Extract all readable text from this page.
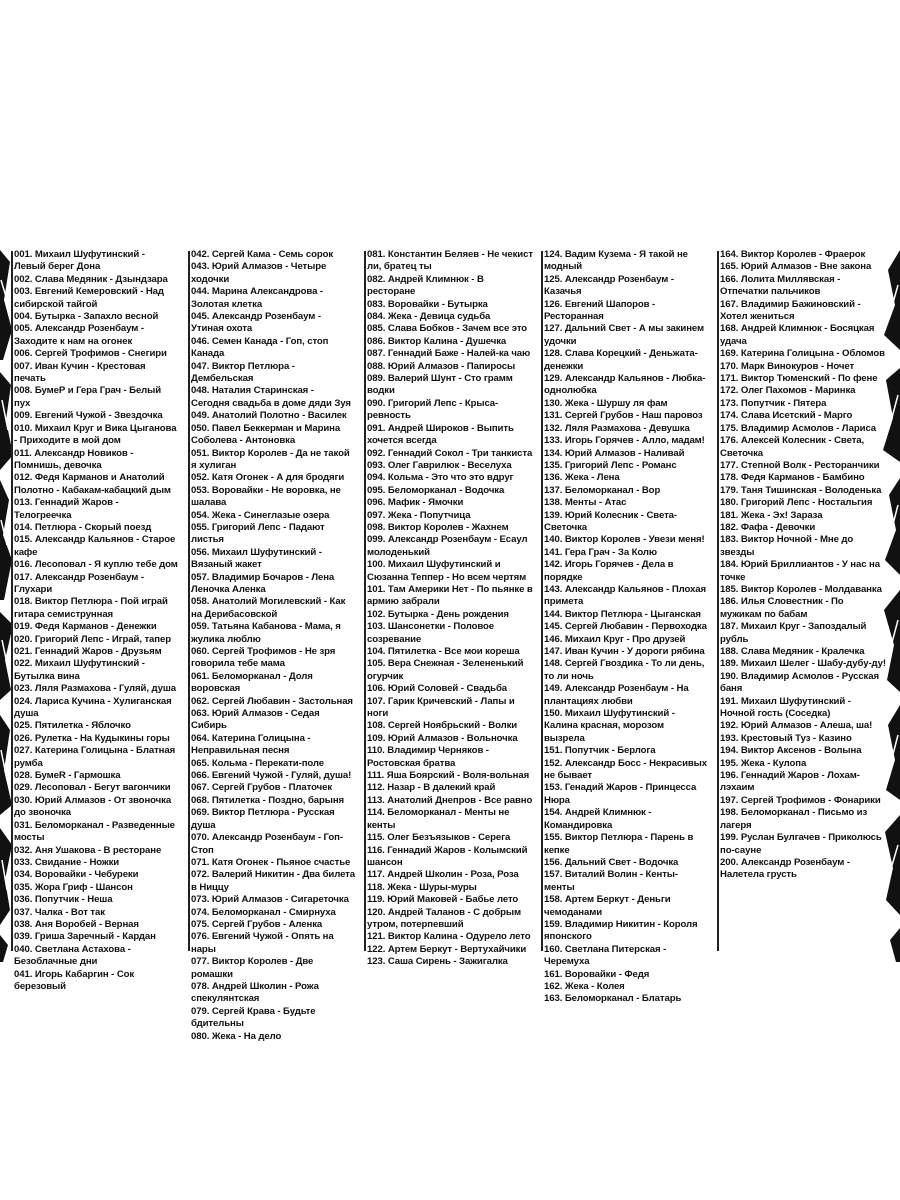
001. Михаил Шуфутинский - Левый берег Дона

002. Слава Медяник - Дзындзара

003. Евгений Кемеровский - Над сибирской тайгой

004. Бутырка - Запахло весной

005. Александр Розенбаум - Заходите к нам на огонек

006. Сергей Трофимов - Снегири

007. Иван Кучин - Крестовая печать

008. БумеР и Гера Грач - Белый пух

009. Евгений Чужой - Звездочка

010. Михаил Круг и Вика Цыганова - Приходите в мой дом

011. Александр Новиков - Помнишь, девочка

012. Федя Карманов и Анатолий Полотно - Кабакам-кабацкий дым

013. Геннадий Жаров - Телогреечка

014. Петлюра - Скорый поезд

015. Александр Кальянов - Старое кафе

016. Лесоповал - Я куплю тебе дом

017. Александр Розенбаум - Глухари

018. Виктор Петлюра - Пой играй гитара семиструнная

019. Федя Карманов - Денежки

020. Григорий Лепс - Играй, тапер

021. Геннадий Жаров - Друзьям

022. Михаил Шуфутинский - Бутылка вина

023. Ляля Размахова - Гуляй, душа

024. Лариса Кучина - Хулиганская душа

025. Пятилетка - Яблочко

026. Рулетка - На Кудыкины горы

027. Катерина Голицына - Блатная румба

028. БумеR - Гармошка

029. Лесоповал - Бегут вагончики

030. Юрий Алмазов - От звоночка до звоночка

031. Беломорканал - Разведенные мосты

032. Аня Ушакова - В ресторане

033. Свидание - Ножки

034. Воровайки - Чебуреки

035. Жора Гриф - Шансон

036. Попутчик - Неша

037. Чалка - Вот так

038. Аня Воробей - Верная

039. Гриша Заречный - Кардан

040. Светлана Астахова - Безоблачные дни

041. Игорь Кабаргин - Сок березовый

042. Сергей Кама - Семь сорок

043. Юрий Алмазов - Четыре ходочки

044. Марина Александрова - Золотая клетка

045. Александр Розенбаум - Утиная охота

046. Семен Канада - Гоп, стоп Канада

047. Виктор Петлюра - Дембельская

048. Наталия Старинская - Сегодня свадьба в доме дяди Зуя

049. Анатолий Полотно - Василек

050. Павел Беккерман и Марина Соболева - Антоновка

051. Виктор Королев - Да не такой я хулиган

052. Катя Огонек - А для бродяги

053. Воровайки - Не воровка, не шалава

054. Жека - Синеглазые озера

055. Григорий Лепс - Падают листья

056. Михаил Шуфутинский - Вязаный жакет

057. Владимир Бочаров - Лена Леночка Аленка

058. Анатолий Могилевский - Как на Дерибасовской

059. Татьяна Кабанова - Мама, я жулика люблю

060. Сергей Трофимов - Не зря говорила тебе мама

061. Беломорканал - Доля воровская

062. Сергей Любавин - Застольная

063. Юрий Алмазов - Седая Сибирь

064. Катерина Голицына - Неправильная песня

065. Кольма - Перекати-поле

066. Евгений Чужой - Гуляй, душа!

067. Сергей Грубов - Платочек

068. Пятилетка - Поздно, барыня

069. Виктор Петлюра - Русская душа

070. Александр Розенбаум - Гоп-Стоп

071. Катя Огонек - Пьяное счастье

072. Валерий Никитин - Два билета в Ниццу

073. Юрий Алмазов - Сигареточка

074. Беломорканал - Смирнуха

075. Сергей Грубов - Аленка

076. Евгений Чужой - Опять на нары

077. Виктор Королев - Две ромашки

078. Андрей Школин - Рожа спекулянтская

079. Сергей Крава - Будьте бдительны

080. Жека - На дело

081. Константин Беляев - Не чекист ли, братец ты

082. Андрей Климнюк - В ресторане

083. Воровайки - Бутырка

084. Жека - Девица судьба

085. Слава Бобков - Зачем все это

086. Виктор Калина - Душечка

087. Геннадий Баже - Налей-ка чаю

088. Юрий Алмазов - Папиросы

089. Валерий Шунт - Сто грамм водки

090. Григорий Лепс - Крыса-ревность

091. Андрей Широков - Выпить хочется всегда

092. Геннадий Сокол - Три танкиста

093. Олег Гаврилюк - Веселуха

094. Кольма - Это что это вдруг

095. Беломорканал - Водочка

096. Мафик - Ямочки

097. Жека - Попутчица

098. Виктор Королев - Жахнем

099. Александр Розенбаум - Есаул молоденький

100. Михаил Шуфутинский и Сюзанна Теппер - Но всем чертям

101. Там Америки Нет - По пьянке в армию забрали

102. Бутырка - День рождения

103. Шансонетки - Половое созревание

104. Пятилетка - Все мои кореша

105. Вера Снежная - Зелененький огурчик

106. Юрий Соловей - Свадьба

107. Гарик Кричевский - Лапы и ноги

108. Сергей Ноябрьский - Волки

109. Юрий Алмазов - Вольночка

110. Владимир Черняков - Ростовская братва

111. Яша Боярский - Воля-вольная

112. Назар - В далекий край

113. Анатолий Днепров - Все равно

114. Беломорканал - Менты не кенты

115. Олег Безъязыков - Серега

116. Геннадий Жаров - Колымский шансон

117. Андрей Школин - Роза, Роза

118. Жека - Шуры-муры

119. Юрий Маковей - Бабье лето

120. Андрей Таланов - С добрым утром, потерпевший

121. Виктор Калина - Одурело лето

122. Артем Беркут - Вертухайчики

123. Саша Сирень - Зажигалка

124. Вадим Кузема - Я такой не модный

125. Александр Розенбаум - Казачья

126. Евгений Шапоров - Ресторанная

127. Дальний Свет - А мы закинем удочки

128. Слава Корецкий - Деньжата-денежки

129. Александр Кальянов - Любка-однолюбка

130. Жека - Шуршу ля фам

131. Сергей Грубов - Наш паровоз

132. Ляля Размахова - Девушка

133. Игорь Горячев - Алло, мадам!

134. Юрий Алмазов - Наливай

135. Григорий Лепс - Романс

136. Жека - Лена

137. Беломорканал - Вор

138. Менты - Атас

139. Юрий Колесник - Света-Светочка

140. Виктор Королев - Увези меня!

141. Гера Грач - За Колю

142. Игорь Горячев - Дела в порядке

143. Александр Кальянов - Плохая примета

144. Виктор Петлюра - Цыганская

145. Сергей Любавин - Первоходка

146. Михаил Круг - Про друзей

147. Иван Кучин - У дороги рябина

148. Сергей Гвоздика - То ли день, то ли ночь

149. Александр Розенбаум - На плантациях любви

150. Михаил Шуфутинский - Калина красная, морозом вызрела

151. Попутчик - Берлога

152. Александр Босс - Некрасивых не бывает

153. Генадий Жаров - Принцесса Нюра

154. Андрей Климнюк - Командировка

155. Виктор Петлюра - Парень в кепке

156. Дальний Свет - Водочка

157. Виталий Волин - Кенты-менты

158. Артем Беркут - Деньги чемоданами

159. Владимир Никитин - Короля японского

160. Светлана Питерская - Черемуха

161. Воровайки - Федя

162. Жека - Колея

163. Беломорканал - Блатарь

164. Виктор Королев - Фраерок

165. Юрий Алмазов - Вне закона

166. Лолита Миллявская - Отпечатки пальчиков

167. Владимир Бажиновский - Хотел жениться

168. Андрей Климнюк - Босяцкая удача

169. Катерина Голицына - Обломов

170. Марк Винокуров - Ночет

171. Виктор Тюменский - По фене

172. Олег Пахомов - Маринка

173. Попутчик - Пятера

174. Слава Исетский - Марго

175. Владимир Асмолов - Лариса

176. Алексей Колесник - Света, Светочка

177. Степной Волк - Ресторанчики

178. Федя Карманов - Бамбино

179. Таня Тишинская - Володенька

180. Григорий Лепс - Ностальгия

181. Жека - Эх! Зараза

182. Фафа - Девочки

183. Виктор Ночной - Мне до звезды

184. Юрий Бриллиантов - У нас на точке

185. Виктор Королев - Молдаванка

186. Илья Словестник - По мужикам по бабам

187. Михаил Круг - Запоздалый рубль

188. Слава Медяник - Кралечка

189. Михаил Шелег - Шабу-дубу-ду!

190. Владимир Асмолов - Русская баня

191. Михаил Шуфутинский - Ночной гость (Соседка)

192. Юрий Алмазов - Алеша, ша!

193. Крестовый Туз - Казино

194. Виктор Аксенов - Волына

195. Жека - Кулопа

196. Геннадий Жаров - Лохам-лэхаим

197. Сергей Трофимов - Фонарики

198. Беломорканал - Письмо из лагеря

199. Руслан Булгачев - Приколюсь по-сауне

200. Александр Розенбаум - Налетела грусть
